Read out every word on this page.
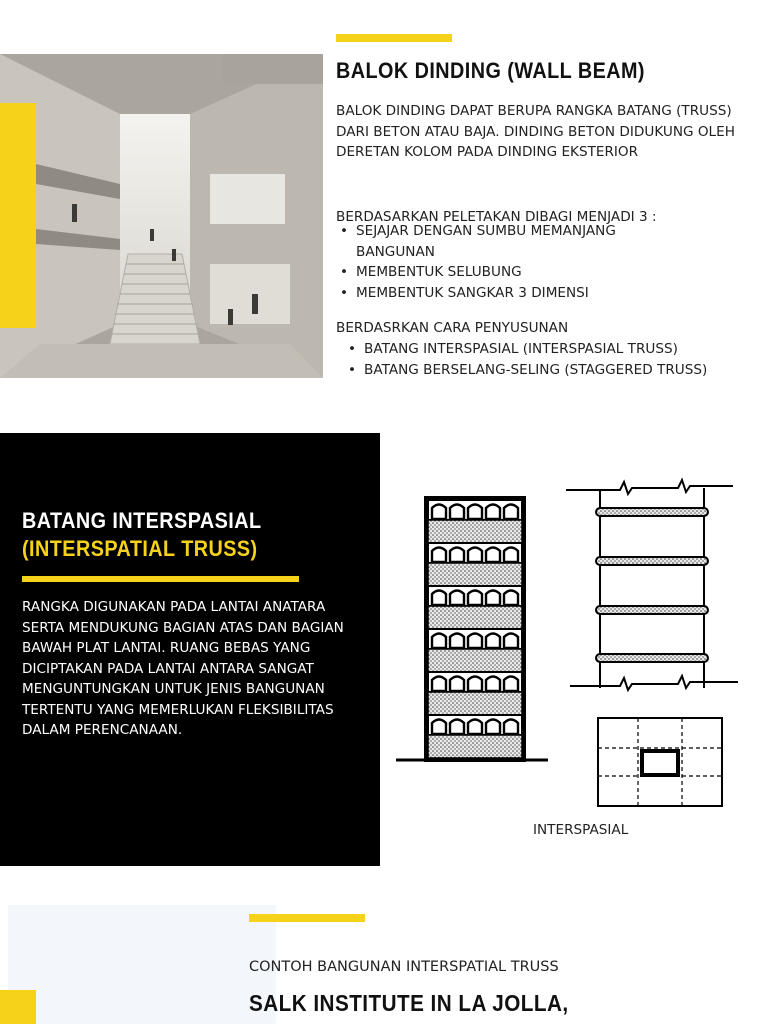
BALOK DINDING (WALL BEAM)

BALOK DINDING DAPAT BERUPA RANGKA BATANG (TRUSS) DARI BETON ATAU BAJA. DINDING BETON DIDUKUNG OLEH DERETAN KOLOM PADA DINDING EKSTERIOR

BERDASARKAN PELETAKAN DIBAGI MENJADI 3 :

• SEJAJAR DENGAN SUMBU MEMANJANG BANGUNAN
• MEMBENTUK SELUBUNG
• MEMBENTUK SANGKAR 3 DIMENSI

BERDASRKAN CARA PENYUSUNAN

• BATANG INTERSPASIAL (INTERSPASIAL TRUSS)
• BATANG BERSELANG-SELING (STAGGERED TRUSS)
BATANG INTERSPASIAL
(INTERSPATIAL TRUSS)

RANGKA DIGUNAKAN PADA LANTAI ANATARA SERTA MENDUKUNG BAGIAN ATAS DAN BAGIAN BAWAH PLAT LANTAI. RUANG BEBAS YANG DICIPTAKAN PADA LANTAI ANTARA SANGAT MENGUNTUNGKAN UNTUK JENIS BANGUNAN TERTENTU YANG MEMERLUKAN FLEKSIBILITAS DALAM PERENCANAAN.

INTERSPASIAL
CONTOH BANGUNAN INTERSPATIAL TRUSS
SALK INSTITUTE IN LA JOLLA,
